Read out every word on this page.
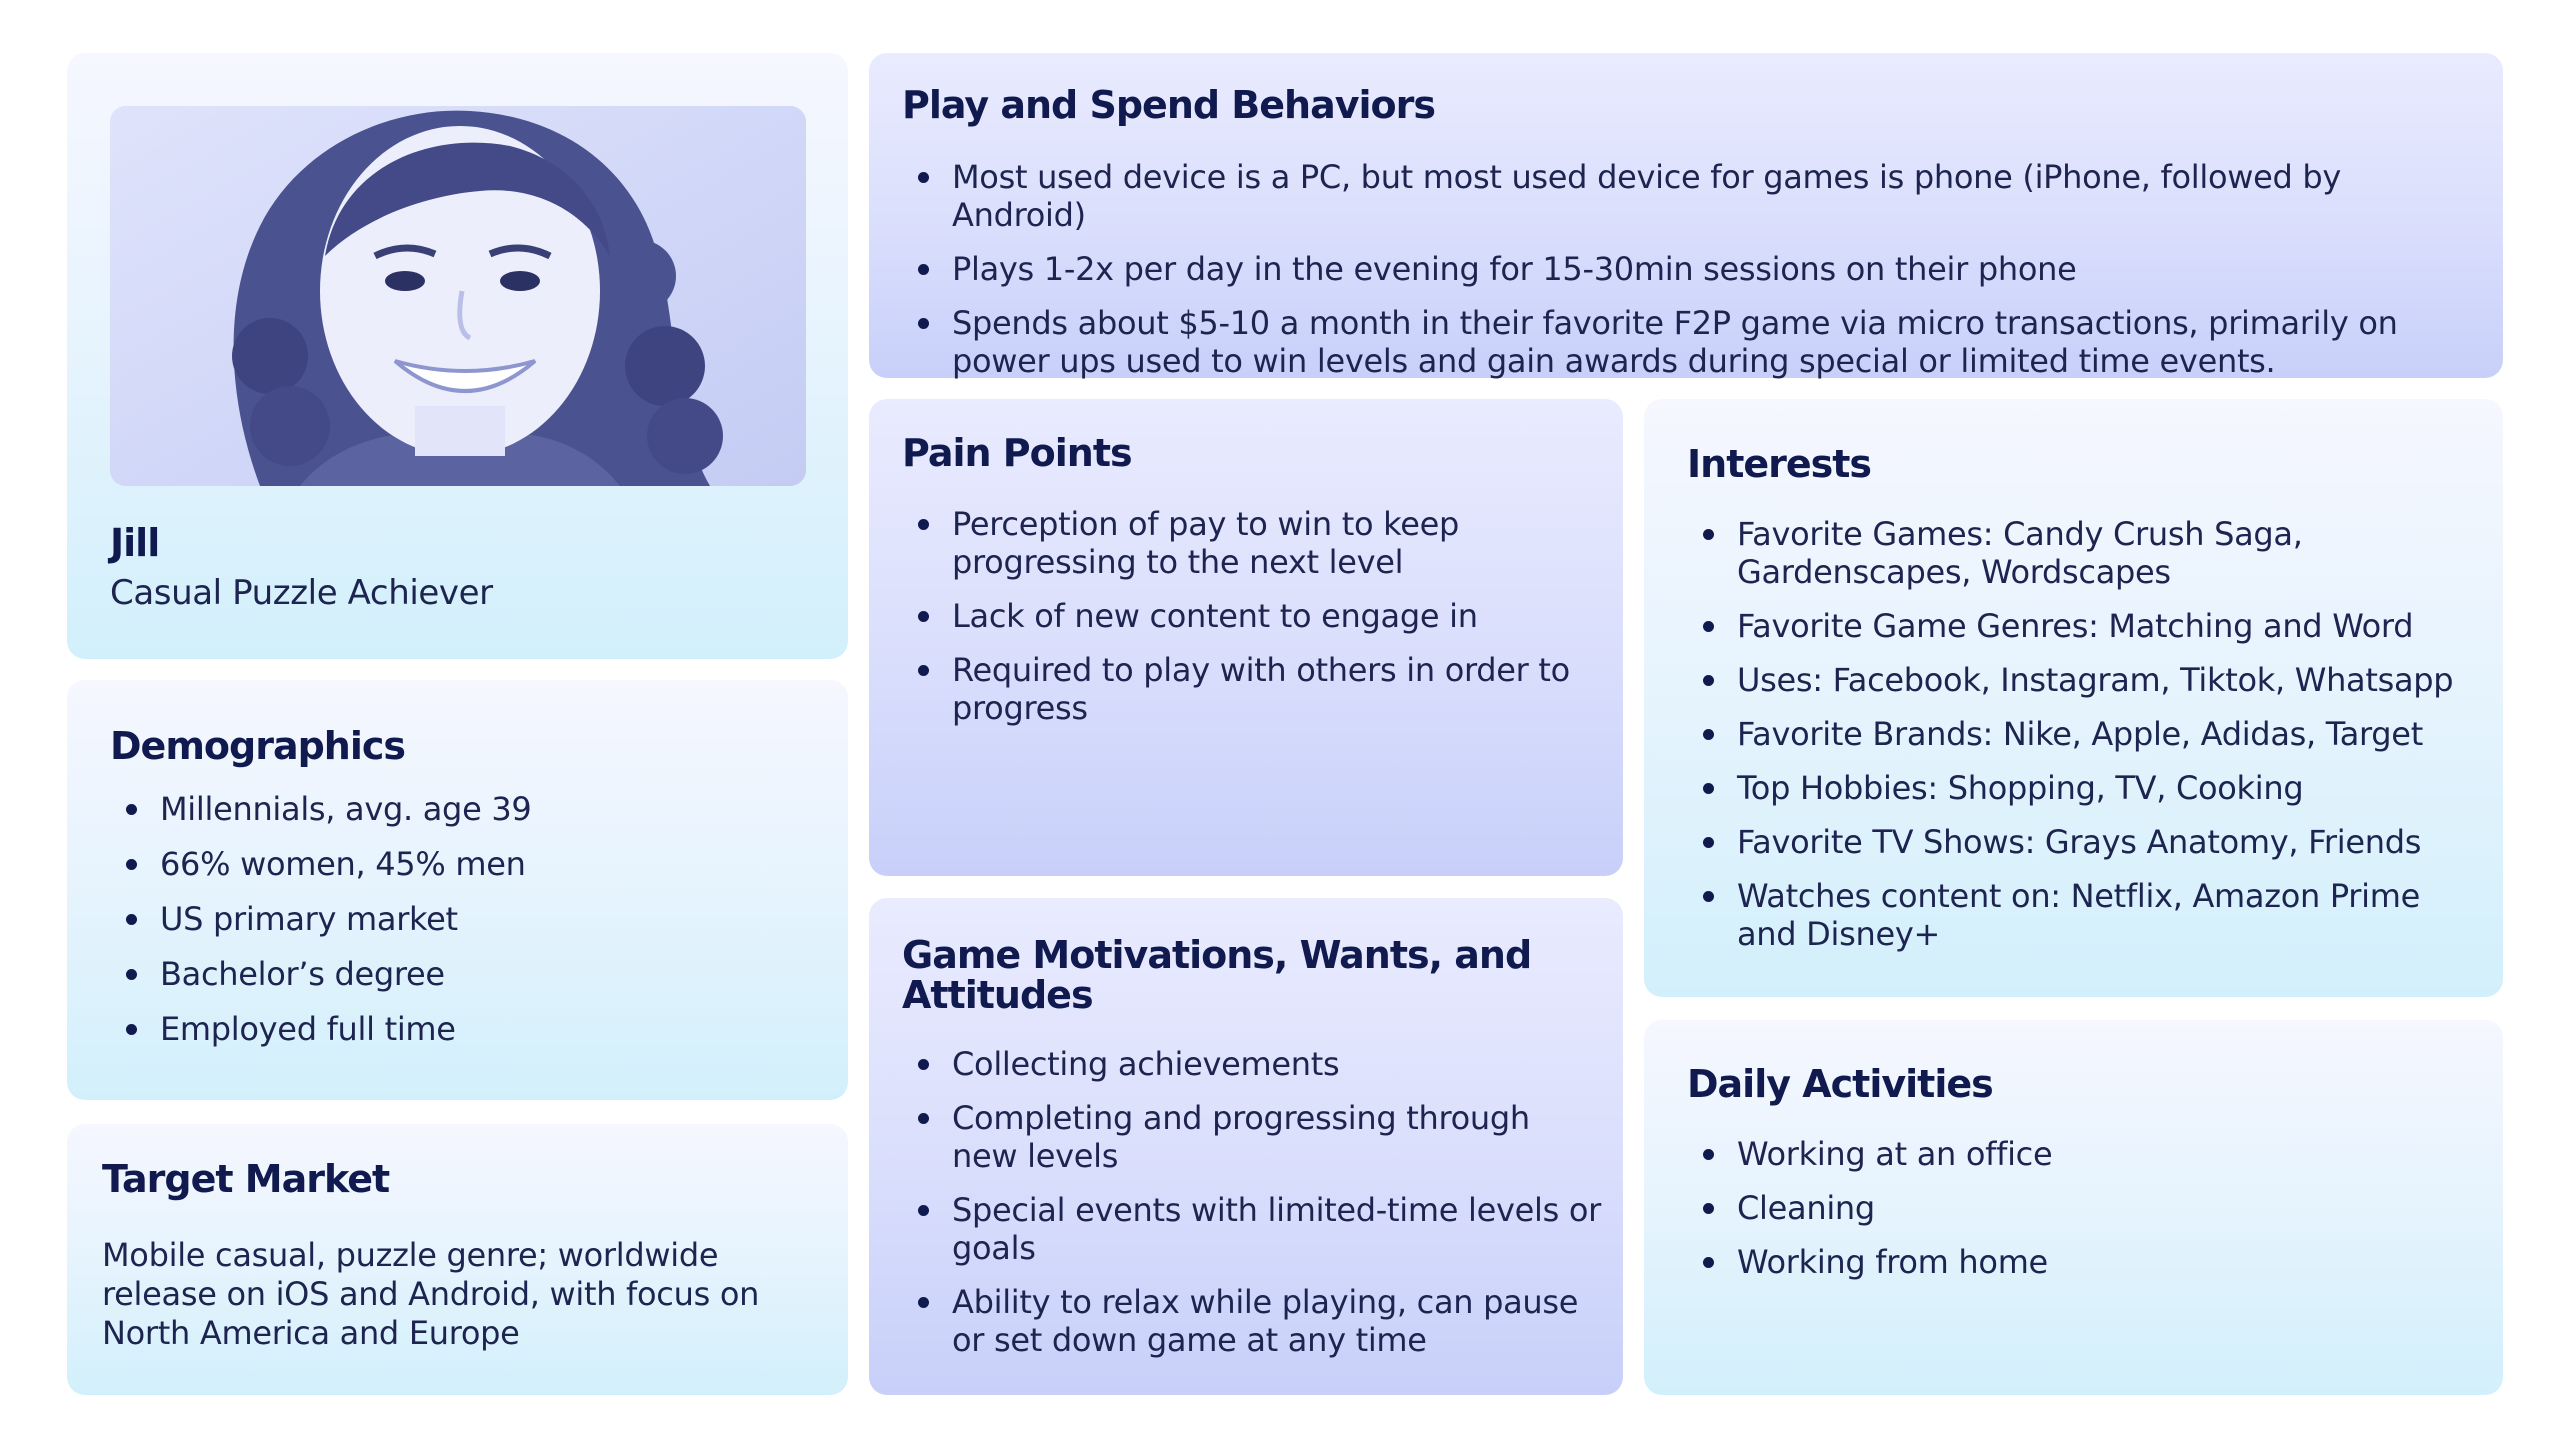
Jill
Casual Puzzle Achiever
Demographics
Millennials, avg. age 39
66% women, 45% men
US primary market
Bachelor’s degree
Employed full time
Target Market
Mobile casual, puzzle genre; worldwide release on iOS and Android, with focus on North America and Europe
Play and Spend Behaviors
Most used device is a PC, but most used device for games is phone (iPhone, followed by Android)
Plays 1-2x per day in the evening for 15-30min sessions on their phone
Spends about $5-10 a month in their favorite F2P game via micro transactions, primarily on power ups used to win levels and gain awards during special or limited time events.
Pain Points
Perception of pay to win to keep progressing to the next level
Lack of new content to engage in
Required to play with others in order to progress
Game Motivations, Wants, and Attitudes
Collecting achievements
Completing and progressing through new levels
Special events with limited-time levels or goals
Ability to relax while playing, can pause or set down game at any time
Interests
Favorite Games: Candy Crush Saga, Gardenscapes, Wordscapes
Favorite Game Genres: Matching and Word
Uses: Facebook, Instagram, Tiktok, Whatsapp
Favorite Brands: Nike, Apple, Adidas, Target
Top Hobbies: Shopping, TV, Cooking
Favorite TV Shows: Grays Anatomy, Friends
Watches content on: Netflix, Amazon Prime and Disney+
Daily Activities
Working at an office
Cleaning
Working from home
